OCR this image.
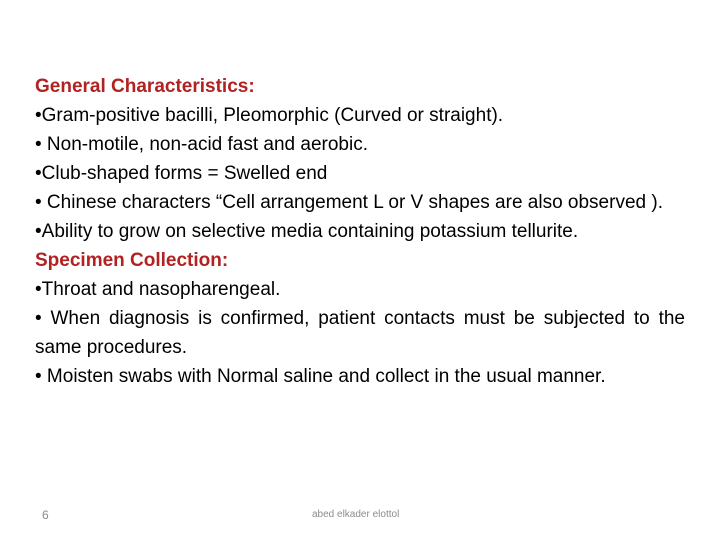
General Characteristics:

•Gram-positive bacilli, Pleomorphic (Curved or straight).

• Non-motile, non-acid fast and aerobic.

•Club-shaped forms = Swelled end

• Chinese characters “Cell arrangement L or V shapes are also observed ).

•Ability to grow on selective media containing potassium tellurite.

Specimen Collection:

•Throat and nasopharengeal.

• When diagnosis is confirmed, patient contacts must be subjected to the same procedures.

• Moisten swabs with Normal saline and collect in the usual manner.

6	abed elkader elottol
